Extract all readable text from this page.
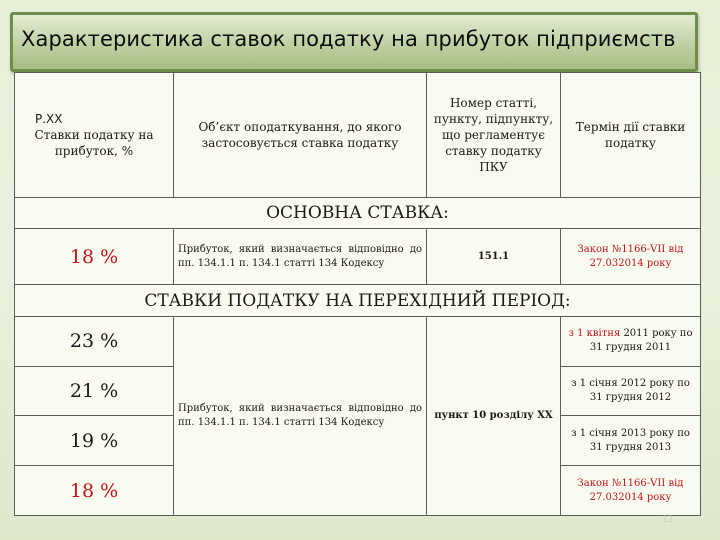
Характеристика ставок податку на прибуток підприємств
Р.ХХ
Ставки податку на прибуток, %	Об’єкт оподаткування, до якого застосовується ставка податку	Номер статті, пункту, підпункту, що регламентує ставку податку ПКУ	Термін дії ставки податку
ОСНОВНА СТАВКА:			
18 %	Прибуток, який визначається відповідно до пп. 134.1.1 п. 134.1 статті 134 Кодексу	151.1	Закон №1166-VII від 27.032014 року
СТАВКИ ПОДАТКУ НА ПЕРЕХІДНИЙ ПЕРІОД:			
23 %	Прибуток, який визначається відповідно до пп. 134.1.1 п. 134.1 статті 134 Кодексу	пункт 10 розділу ХХ	з 1 квітня 2011 року по 31 грудня 2011
21 %			з 1 січня 2012 року по 31 грудня 2012
19 %			з 1 січня 2013 року по 31 грудня 2013
18 %			Закон №1166-VII від 27.032014 року
12
